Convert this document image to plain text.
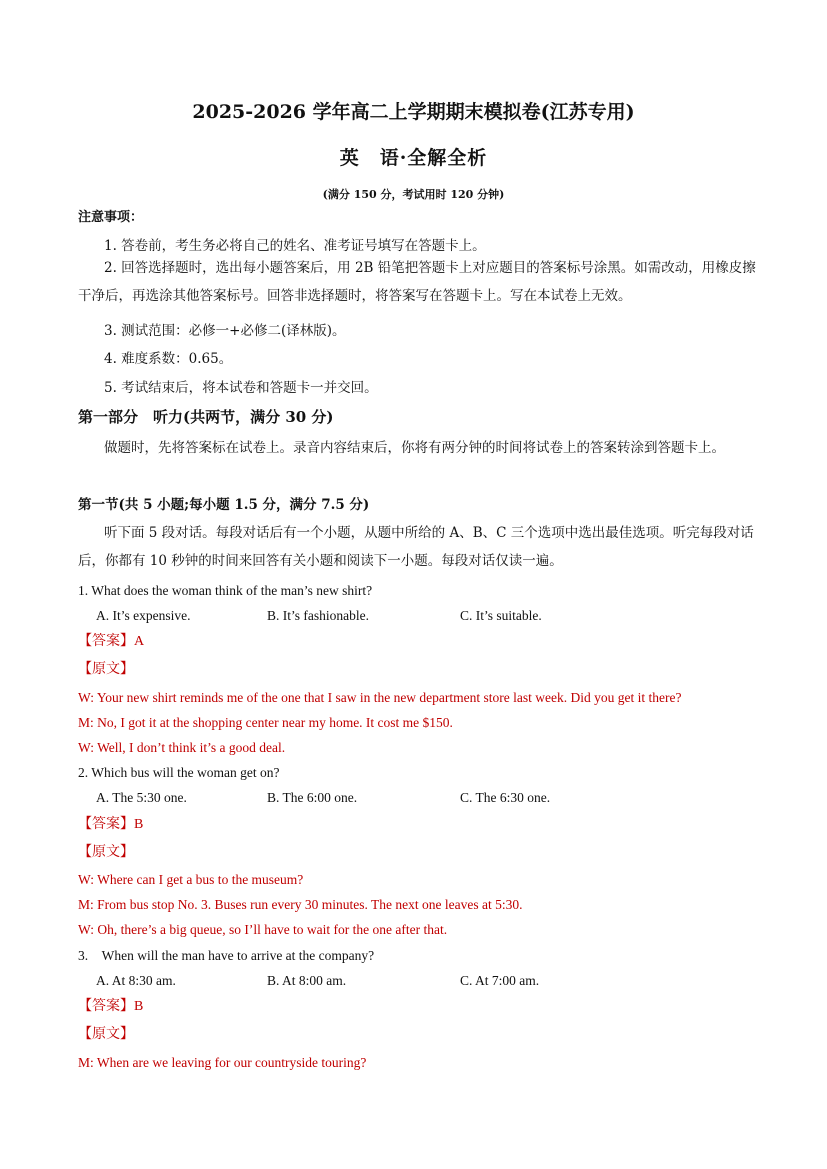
2025-2026 学年高二上学期期末模拟卷(江苏专用)
英　语·全解全析
(满分 150 分，考试用时 120 分钟)
注意事项：
1. 答卷前，考生务必将自己的姓名、准考证号填写在答题卡上。
2. 回答选择题时，选出每小题答案后，用 2B 铅笔把答题卡上对应题目的答案标号涂黑。如需改动，用橡皮擦干净后，再选涂其他答案标号。回答非选择题时，将答案写在答题卡上。写在本试卷上无效。
3. 测试范围：必修一+必修二(译林版)。
4. 难度系数：0.65。
5. 考试结束后，将本试卷和答题卡一并交回。
第一部分　听力(共两节，满分 30 分)
做题时，先将答案标在试卷上。录音内容结束后，你将有两分钟的时间将试卷上的答案转涂到答题卡上。
第一节(共 5 小题;每小题 1.5 分，满分 7.5 分)
听下面 5 段对话。每段对话后有一个小题，从题中所给的 A、B、C 三个选项中选出最佳选项。听完每段对话后，你都有 10 秒钟的时间来回答有关小题和阅读下一小题。每段对话仅读一遍。
1. What does the woman think of the man’s new shirt?
A. It’s expensive.	B. It’s fashionable.	C. It’s suitable.
【答案】A
【原文】
W: Your new shirt reminds me of the one that I saw in the new department store last week. Did you get it there?
M: No, I got it at the shopping center near my home. It cost me $150.
W: Well, I don’t think it’s a good deal.
2. Which bus will the woman get on?
A. The 5:30 one.	B. The 6:00 one.	C. The 6:30 one.
【答案】B
【原文】
W: Where can I get a bus to the museum?
M: From bus stop No. 3. Buses run every 30 minutes. The next one leaves at 5:30.
W: Oh, there’s a big queue, so I’ll have to wait for the one after that.
3.　When will the man have to arrive at the company?
A. At 8:30 am.	B. At 8:00 am.	C. At 7:00 am.
【答案】B
【原文】
M: When are we leaving for our countryside touring?
